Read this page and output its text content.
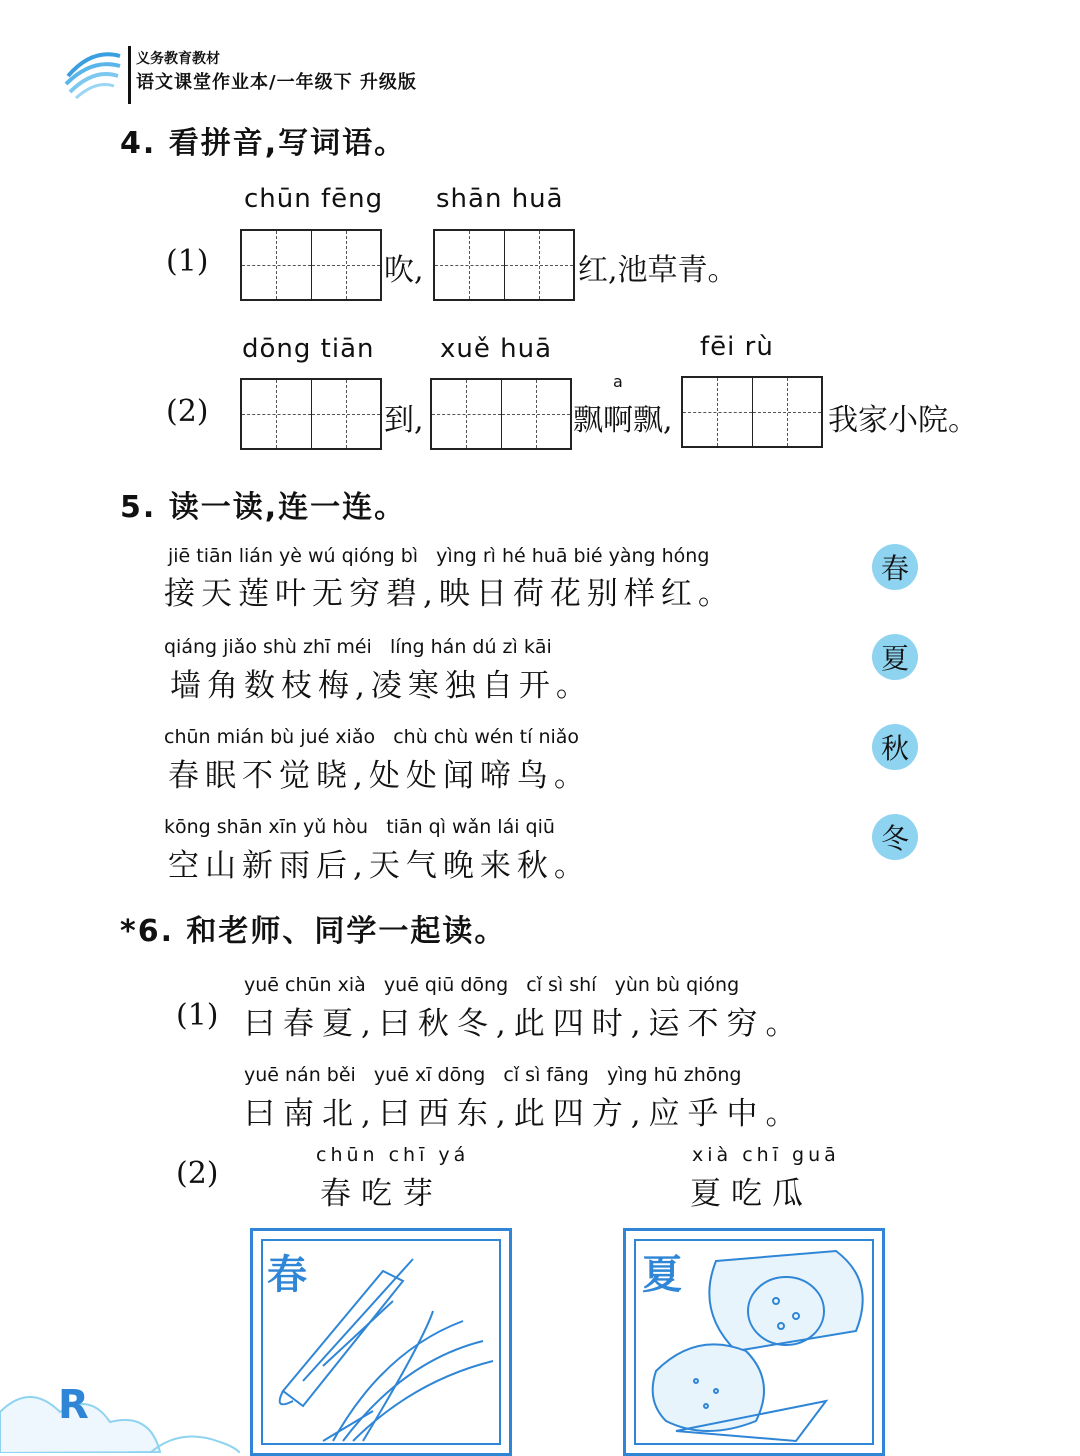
义务教育教材
语文课堂作业本/一年级下 升级版
4. 看拼音,写词语。
chūn fēng shān huā
(1)	吹,	红,池草青。
dōng tiān	xuě huā	fēi rù
a
(2)	到,	飘啊飘,	我家小院。
5. 读一读,连一连。
jiē tiān lián yè wú qióng bì   yìng rì hé huā bié yàng hóng
接天莲叶无穷碧,映日荷花别样红。
qiáng jiǎo shù zhī méi   líng hán dú zì kāi
墙角数枝梅,凌寒独自开。
chūn mián bù jué xiǎo   chù chù wén tí niǎo
春眠不觉晓,处处闻啼鸟。
kōng shān xīn yǔ hòu   tiān qì wǎn lái qiū
空山新雨后,天气晚来秋。
春
夏
秋
冬
*6. 和老师、同学一起读。
yuē chūn xià   yuē qiū dōng   cǐ sì shí   yùn bù qióng
(1) 曰春夏,曰秋冬,此四时,运不穷。
yuē nán běi   yuē xī dōng   cǐ sì fāng   yìng hū zhōng
曰南北,曰西东,此四方,应乎中。
(2)
chūn chī yá
春吃芽
xià chī guā
夏吃瓜
春	夏
R
